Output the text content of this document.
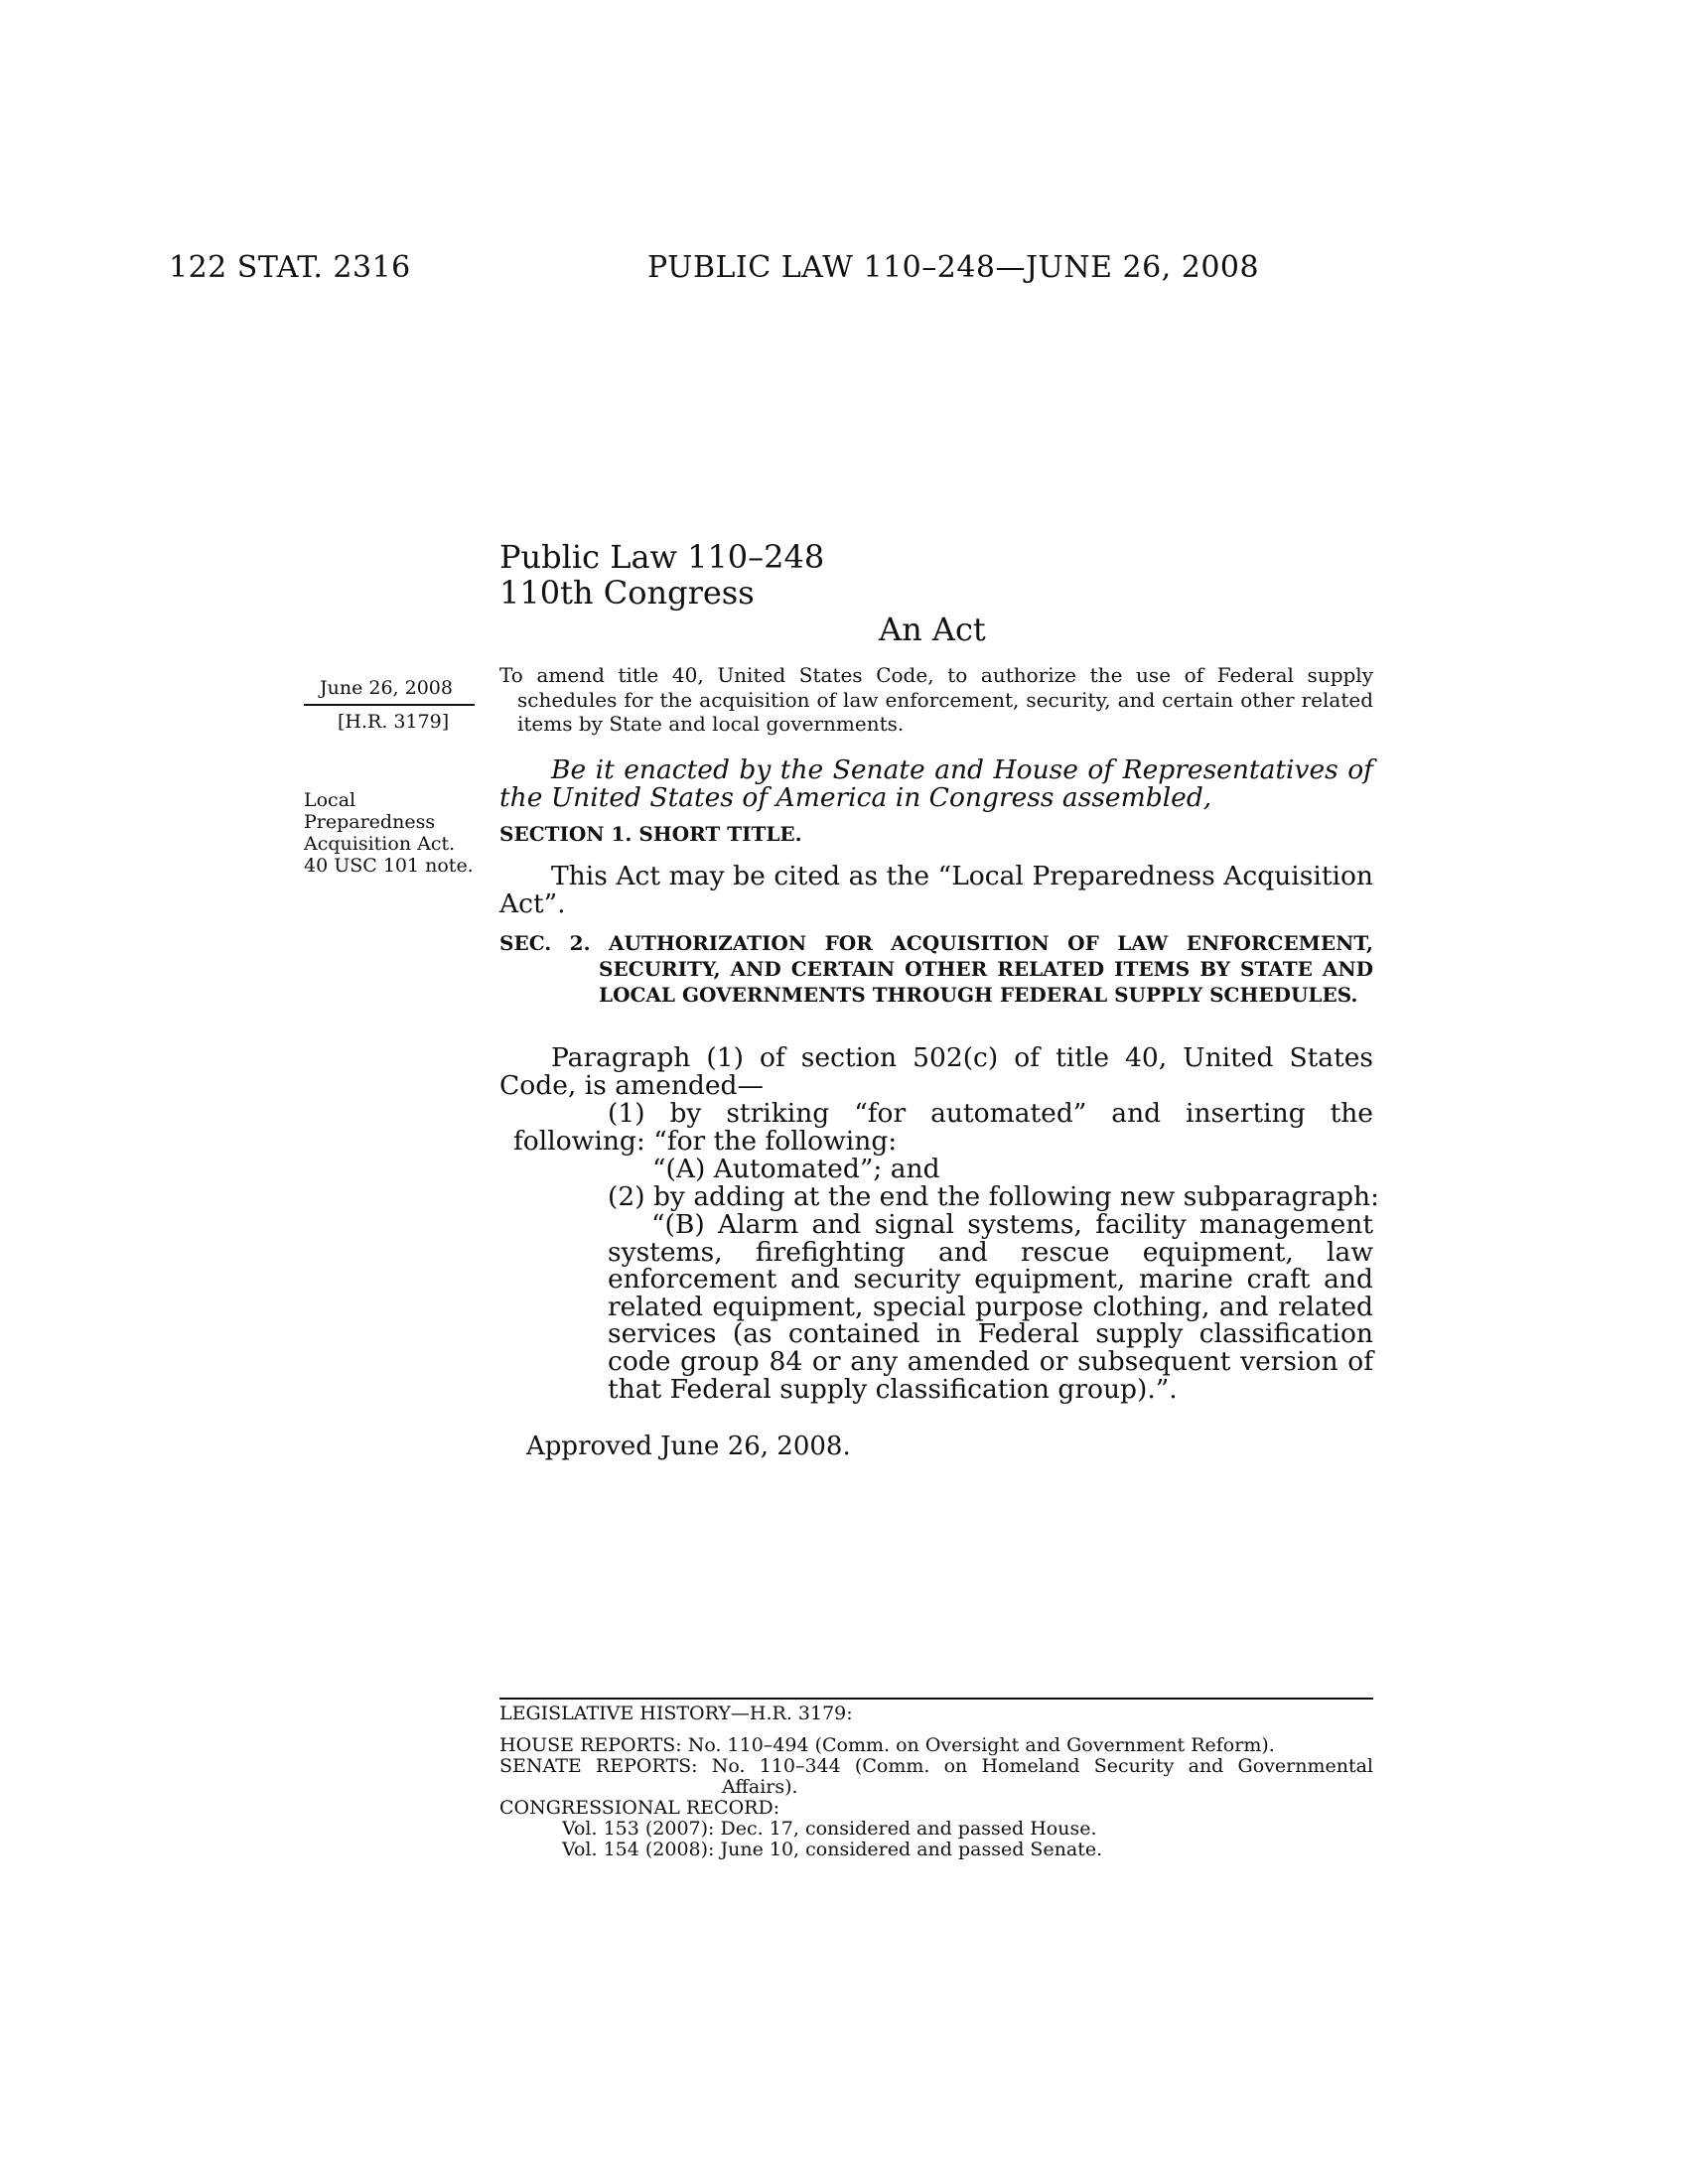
122 STAT. 2316	PUBLIC LAW 110–248—JUNE 26, 2008
Public Law 110–248
110th Congress
An Act
June 26, 2008
[H.R. 3179]
Local
Preparedness
Acquisition Act.
40 USC 101 note.
To amend title 40, United States Code, to authorize the use of Federal supply schedules for the acquisition of law enforcement, security, and certain other related items by State and local governments.
Be it enacted by the Senate and House of Representatives of the United States of America in Congress assembled,
SECTION 1. SHORT TITLE.
This Act may be cited as the “Local Preparedness Acquisition Act”.
SEC. 2. AUTHORIZATION FOR ACQUISITION OF LAW ENFORCEMENT, SECURITY, AND CERTAIN OTHER RELATED ITEMS BY STATE AND LOCAL GOVERNMENTS THROUGH FEDERAL SUPPLY SCHEDULES.
Paragraph (1) of section 502(c) of title 40, United States Code, is amended—
(1) by striking “for automated” and inserting the following: “for the following:
“(A) Automated”; and
(2) by adding at the end the following new subparagraph:
“(B) Alarm and signal systems, facility management systems, firefighting and rescue equipment, law enforcement and security equipment, marine craft and related equipment, special purpose clothing, and related services (as contained in Federal supply classification code group 84 or any amended or subsequent version of that Federal supply classification group).”.
Approved June 26, 2008.
LEGISLATIVE HISTORY—H.R. 3179:
HOUSE REPORTS: No. 110–494 (Comm. on Oversight and Government Reform).
SENATE REPORTS: No. 110–344 (Comm. on Homeland Security and Governmental Affairs).
CONGRESSIONAL RECORD:
Vol. 153 (2007): Dec. 17, considered and passed House.
Vol. 154 (2008): June 10, considered and passed Senate.
